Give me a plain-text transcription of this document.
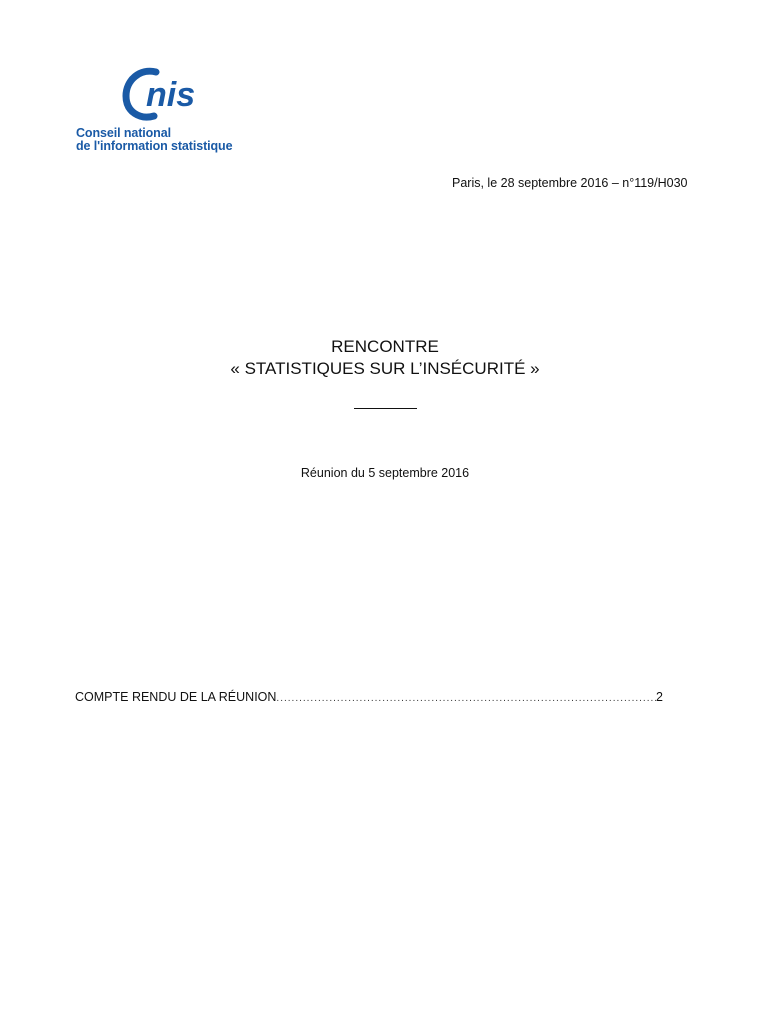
nis
Conseil national
de l'information statistique
Paris, le 28 septembre 2016 – n°119/H030
RENCONTRE
« STATISTIQUES SUR L’INSÉCURITÉ »
Réunion du 5 septembre 2016
COMPTE RENDU DE LA RÉUNION
.....	2
